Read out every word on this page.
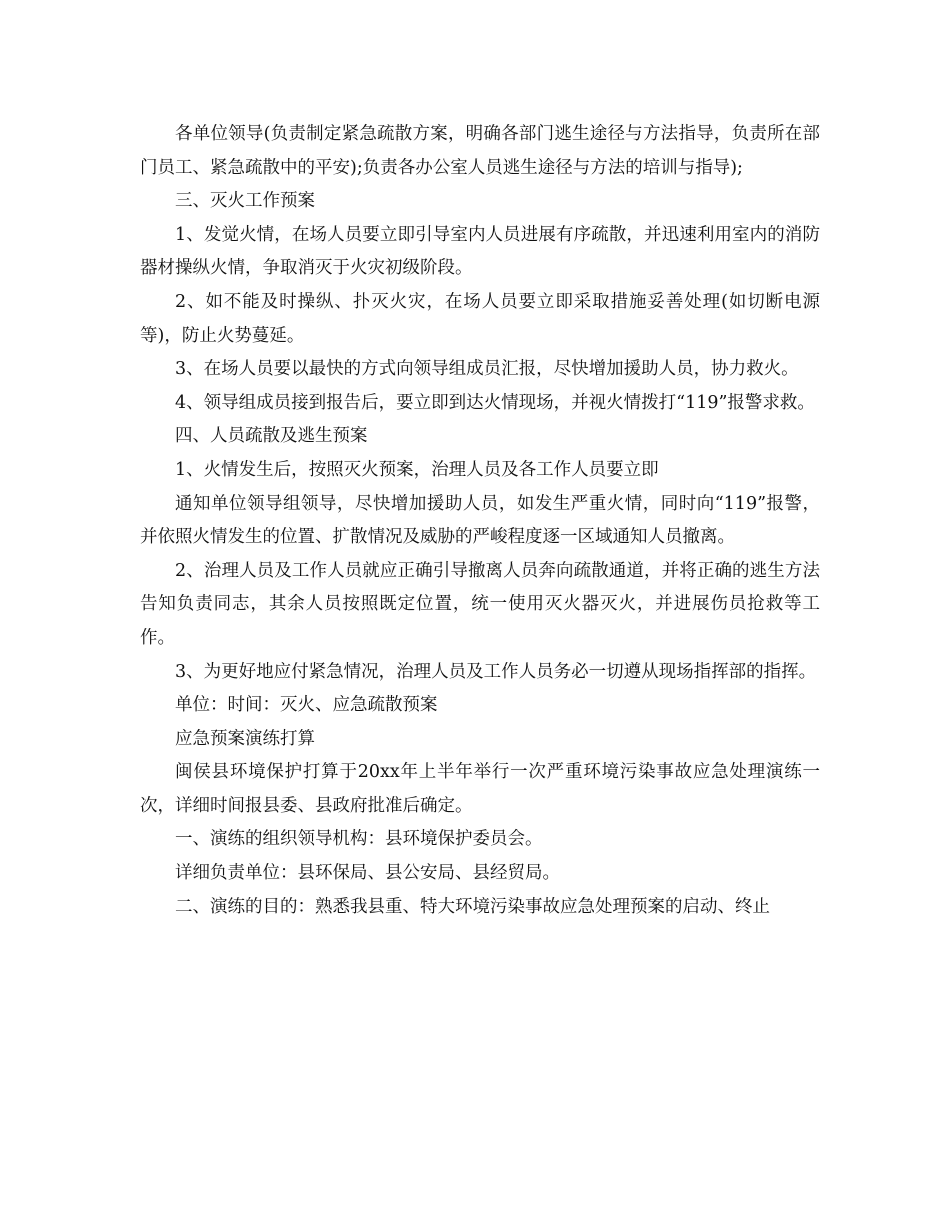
各单位领导(负责制定紧急疏散方案，明确各部门逃生途径与方法指导，负责所在部门员工、紧急疏散中的平安);负责各办公室人员逃生途径与方法的培训与指导);

三、灭火工作预案

1、发觉火情，在场人员要立即引导室内人员进展有序疏散，并迅速利用室内的消防器材操纵火情，争取消灭于火灾初级阶段。

2、如不能及时操纵、扑灭火灾，在场人员要立即采取措施妥善处理(如切断电源等)，防止火势蔓延。

3、在场人员要以最快的方式向领导组成员汇报，尽快增加援助人员，协力救火。

4、领导组成员接到报告后，要立即到达火情现场，并视火情拨打“119”报警求救。

四、人员疏散及逃生预案

1、火情发生后，按照灭火预案，治理人员及各工作人员要立即

通知单位领导组领导，尽快增加援助人员，如发生严重火情，同时向“119”报警，并依照火情发生的位置、扩散情况及威胁的严峻程度逐一区域通知人员撤离。

2、治理人员及工作人员就应正确引导撤离人员奔向疏散通道，并将正确的逃生方法告知负责同志，其余人员按照既定位置，统一使用灭火器灭火，并进展伤员抢救等工作。

3、为更好地应付紧急情况，治理人员及工作人员务必一切遵从现场指挥部的指挥。

单位：时间：灭火、应急疏散预案

应急预案演练打算

闽侯县环境保护打算于20xx年上半年举行一次严重环境污染事故应急处理演练一次，详细时间报县委、县政府批准后确定。

一、演练的组织领导机构：县环境保护委员会。

详细负责单位：县环保局、县公安局、县经贸局。

二、演练的目的：熟悉我县重、特大环境污染事故应急处理预案的启动、终止
